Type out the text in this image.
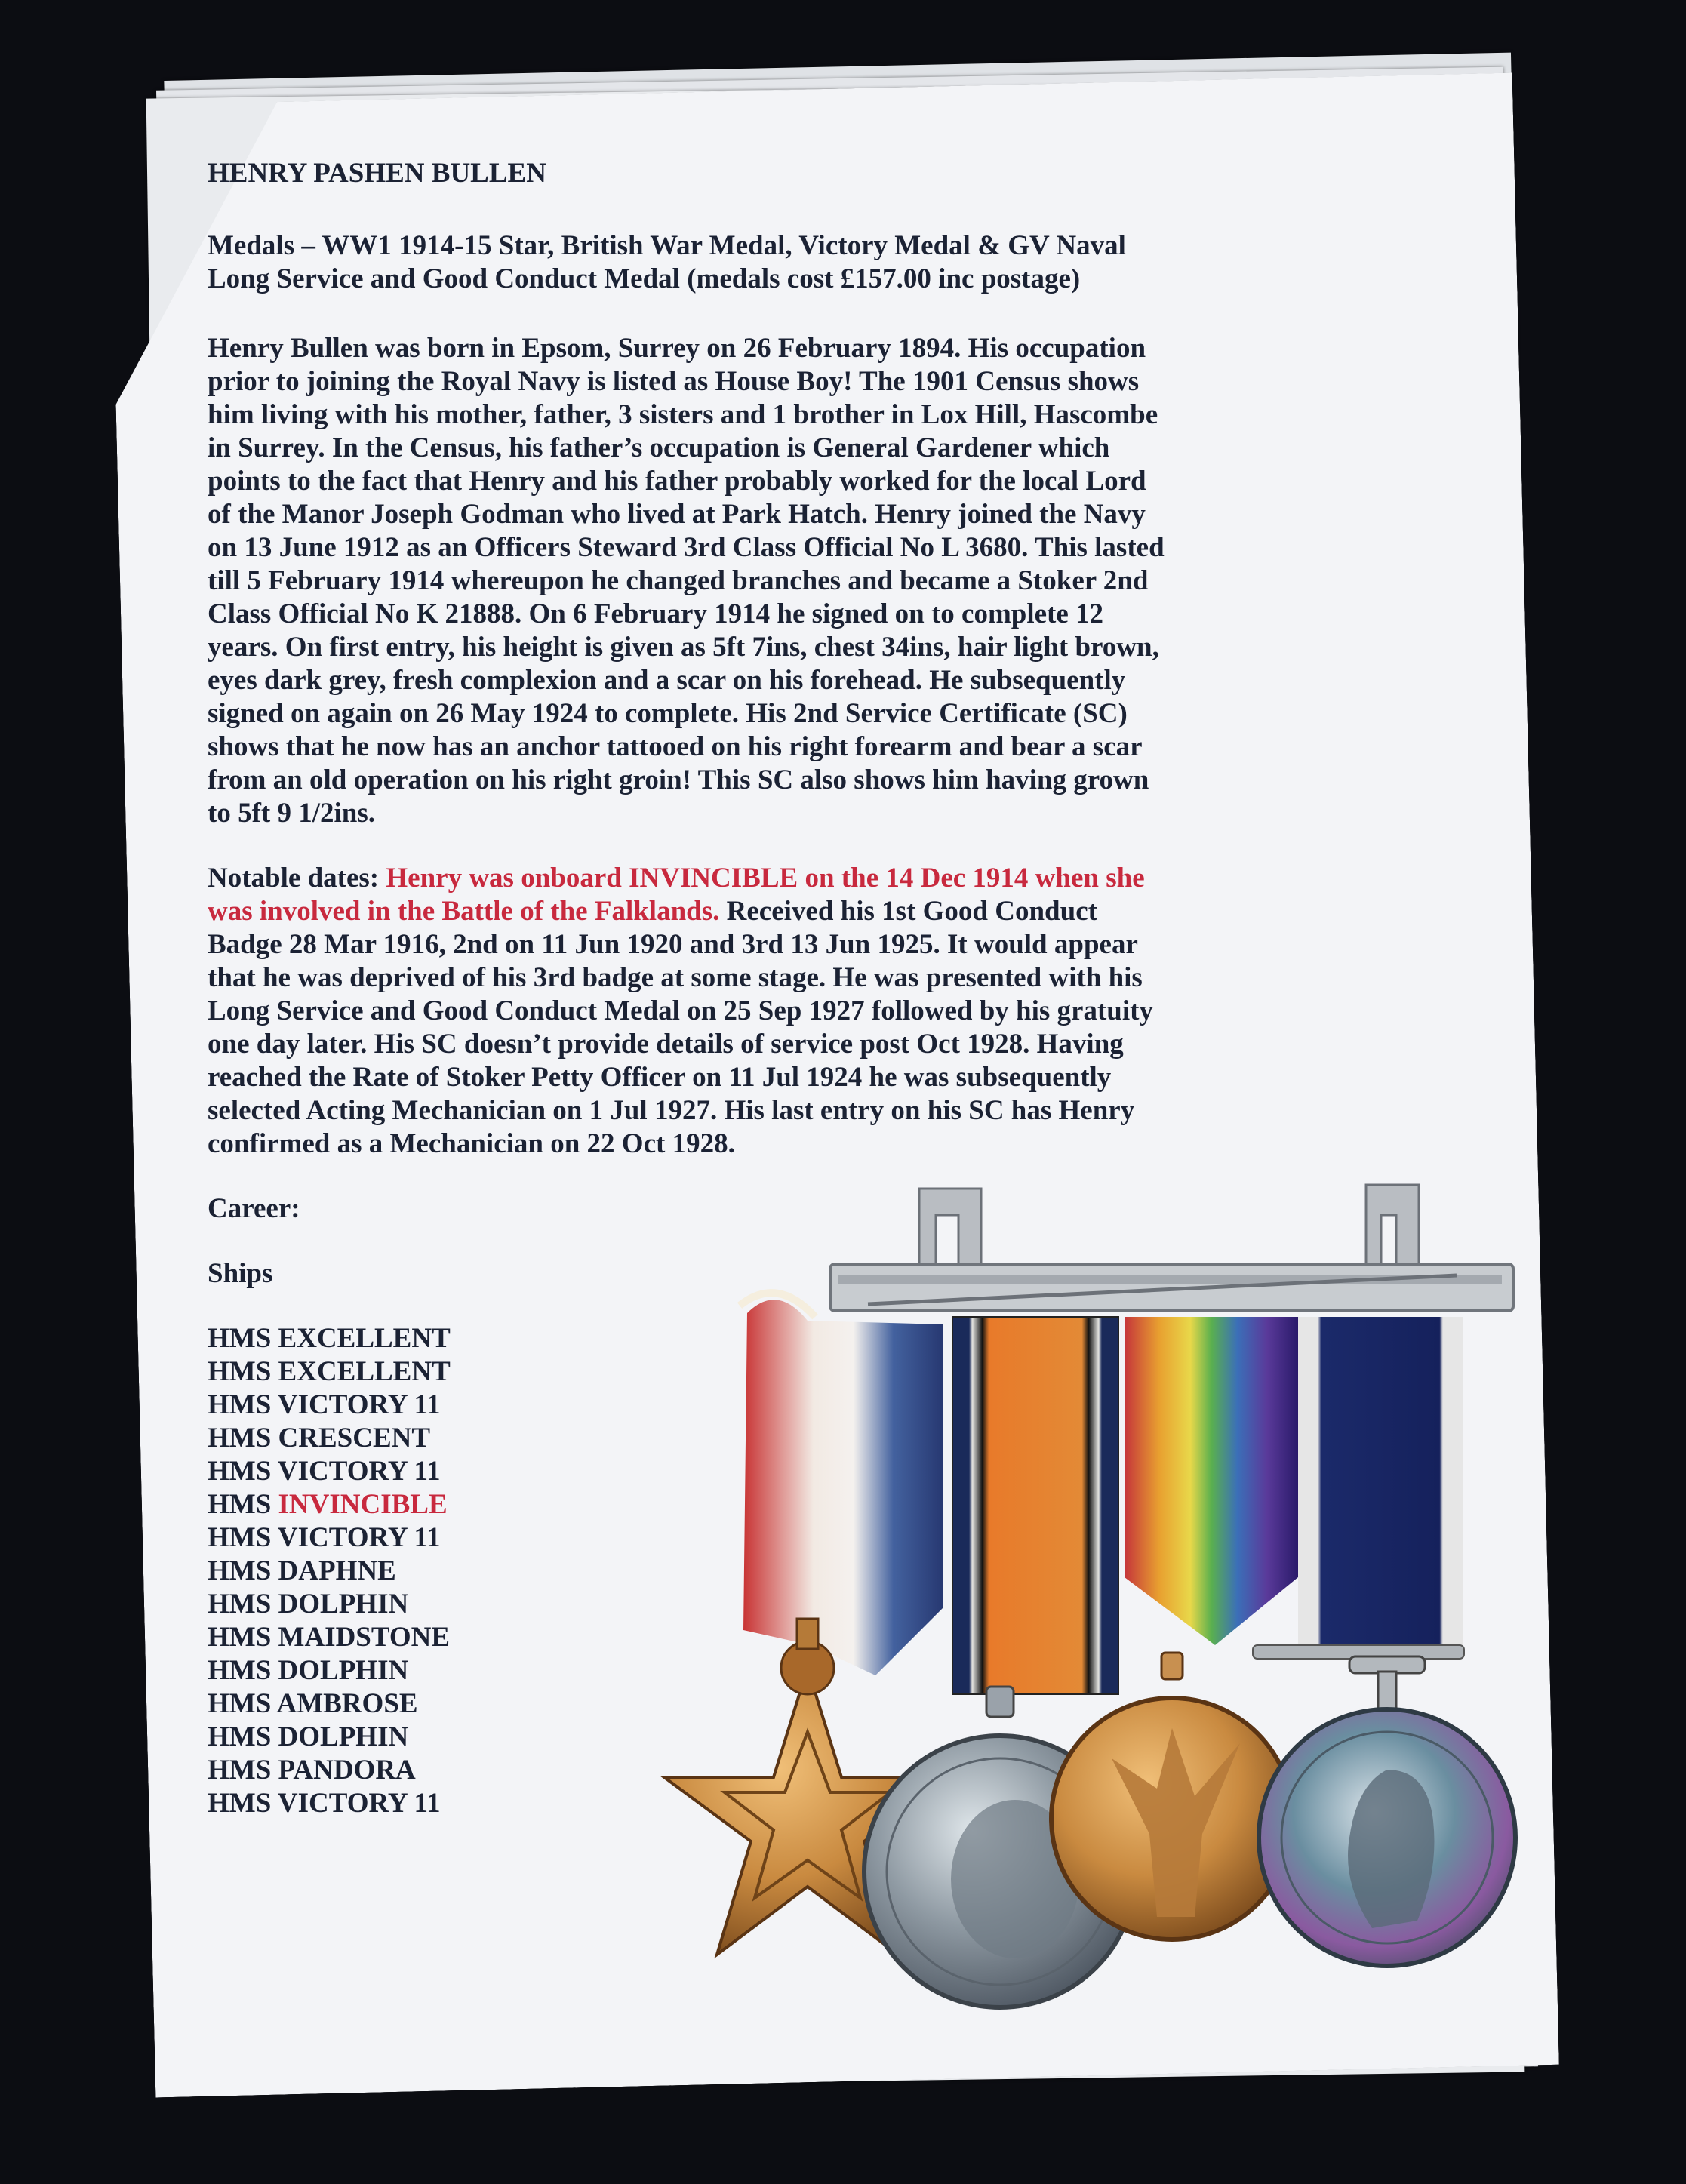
HENRY PASHEN BULLEN

Medals – WW1 1914-15 Star, British War Medal, Victory Medal & GV Naval

Long Service and Good Conduct Medal (medals cost £157.00 inc postage)

Henry Bullen was born in Epsom, Surrey on 26 February 1894. His occupation

prior to joining the Royal Navy is listed as House Boy! The 1901 Census shows

him living with his mother, father, 3 sisters and 1 brother in Lox Hill, Hascombe

in Surrey. In the Census, his father’s occupation is General Gardener which

points to the fact that Henry and his father probably worked for the local Lord

of the Manor Joseph Godman who lived at Park Hatch. Henry joined the Navy

on 13 June 1912 as an Officers Steward 3rd Class Official No L 3680. This lasted

till 5 February 1914 whereupon he changed branches and became a Stoker 2nd

Class Official No K 21888. On 6 February 1914 he signed on to complete 12

years. On first entry, his height is given as 5ft 7ins, chest 34ins, hair light brown,

eyes dark grey, fresh complexion and a scar on his forehead. He subsequently

signed on again on 26 May 1924 to complete. His 2nd Service Certificate (SC)

shows that he now has an anchor tattooed on his right forearm and bear a scar

from an old operation on his right groin! This SC also shows him having grown

to 5ft 9 1/2ins.

Notable dates: Henry was onboard INVINCIBLE on the 14 Dec 1914 when she was involved in the Battle of the Falklands. Received his 1st Good Conduct Badge 28 Mar 1916, 2nd on 11 Jun 1920 and 3rd 13 Jun 1925. It would appear that he was deprived of his 3rd badge at some stage. He was presented with his Long Service and Good Conduct Medal on 25 Sep 1927 followed by his gratuity one day later. His SC doesn’t provide details of service post Oct 1928. Having reached the Rate of Stoker Petty Officer on 11 Jul 1924 he was subsequently selected Acting Mechanician on 1 Jul 1927. His last entry on his SC has Henry confirmed as a Mechanician on 22 Oct 1928.

Career:

Ships

HMS EXCELLENT

HMS EXCELLENT

HMS VICTORY 11

HMS CRESCENT

HMS VICTORY 11

HMS INVINCIBLE

HMS VICTORY 11

HMS DAPHNE

HMS DOLPHIN

HMS MAIDSTONE

HMS DOLPHIN

HMS AMBROSE

HMS DOLPHIN

HMS PANDORA

HMS VICTORY 11
